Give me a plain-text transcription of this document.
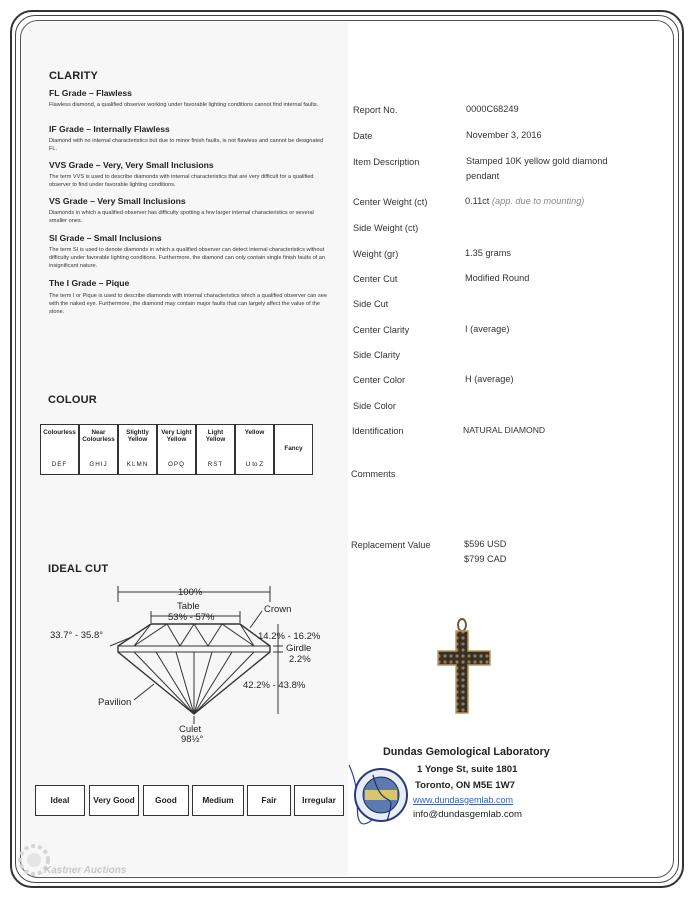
CLARITY
FL Grade – Flawless
Flawless diamond, a qualified observer working under favorable lighting conditions cannot find internal faults.
IF Grade – Internally Flawless
Diamond with no internal characteristics but due to minor finish faults, is not flawless and cannot be designated FL.
VVS Grade – Very, Very Small Inclusions
The term VVS is used to describe diamonds with internal characteristics that are very difficult for a qualified observer to find under favorable lighting conditions.
VS Grade – Very Small Inclusions
Diamonds in which a qualified observer has difficulty spotting a few larger internal characteristics or several smaller ones.
SI Grade – Small Inclusions
The term SI is used to denote diamonds in which a qualified observer can detect internal characteristics without difficulty under favorable lighting conditions. Furthermore, the diamond can only contain single finish faults of an insignificant nature.
The I Grade – Pique
The term I or Pique is used to describe diamonds with internal characteristics which a qualified observer can see with the naked eye. Furthermore, the diamond may contain major faults that can largely affect the value of the stone.
COLOUR
Colourless
DEF
Near Colourless
GHIJ
Slightly Yellow
KLMN
Very Light Yellow
OPQ
Light Yellow
RST
Yellow
U to Z
Fancy
IDEAL CUT
100%
Table
53% - 57%
Crown
33.7° - 35.8°	14.2% - 16.2%
Girdle
2.2%
42.2% - 43.8%
Pavilion
Culet
98½°
Ideal	Very Good	Good	Medium	Fair	Irregular
Report No.	0000C68249
Date	November 3, 2016
Item Description	Stamped 10K yellow gold diamond pendant
Center Weight (ct)	0.11ct (app. due to mounting)
Side Weight (ct)
Weight (gr)	1.35 grams
Center Cut	Modified Round
Side Cut
Center Clarity	I (average)
Side Clarity
Center Color	H (average)
Side Color
Identification	NATURAL DIAMOND
Comments
Replacement Value	$596 USD
$799 CAD
Dundas Gemological Laboratory
1 Yonge St, suite 1801
Toronto, ON M5E 1W7
www.dundasgemlab.com
info@dundasgemlab.com
Kastner Auctions
